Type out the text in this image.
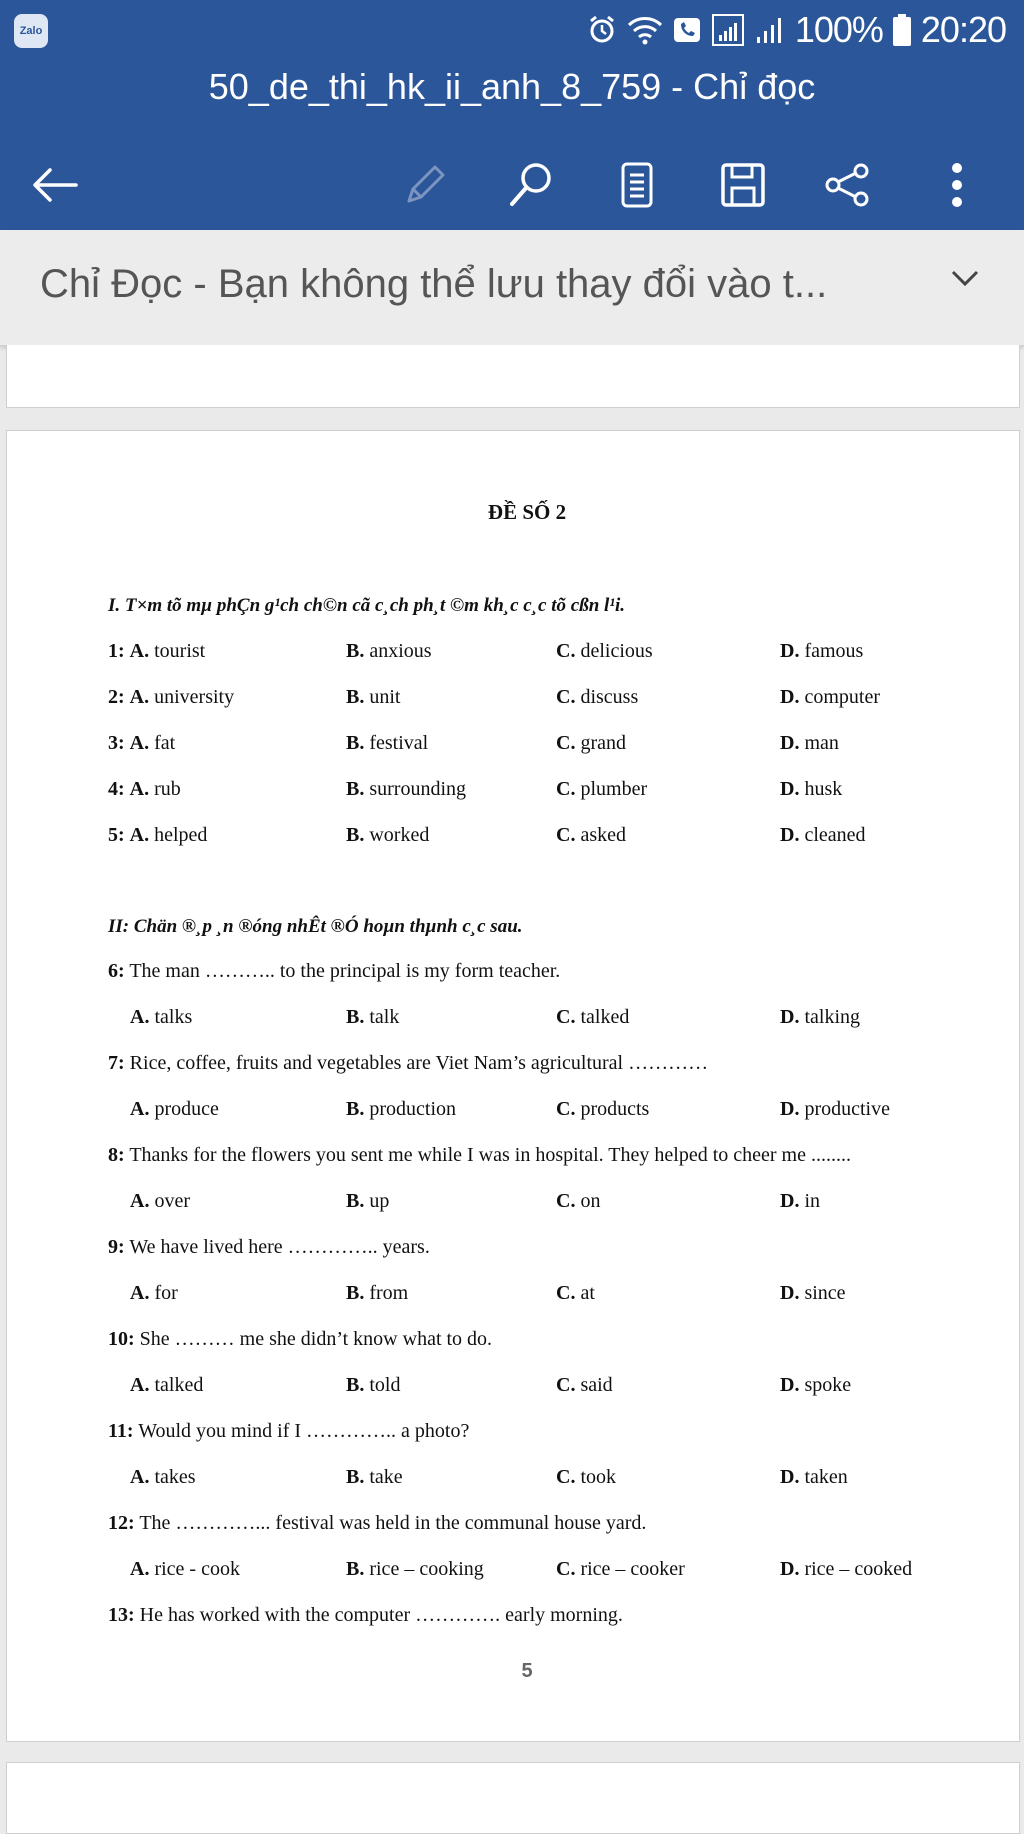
Zalo	100% 20:20
50_de_thi_hk_ii_anh_8_759 - Chỉ đọc
Chỉ Đọc - Bạn không thể lưu thay đổi vào t...
ĐỀ SỐ 2
I. T×m tõ mµ phÇn g¹ch ch©n cã c¸ch ph¸t ©m kh¸c c¸c tõ cßn l¹i.
1: A. tourist	B. anxious	C. delicious	D. famous
2: A. university	B. unit	C. discuss	D. computer
3: A. fat	B. festival	C. grand	D. man
4: A. rub	B. surrounding	C. plumber	D. husk
5: A. helped	B. worked	C. asked	D. cleaned
II: Chän ®¸p ¸n ®óng nhÊt ®Ó hoµn thµnh c¸c sau.
6: The man ……….. to the principal is my form teacher.
A. talks	B. talk	C. talked	D. talking
7: Rice, coffee, fruits and vegetables are Viet Nam’s agricultural …………
A. produce	B. production	C. products	D. productive
8: Thanks for the flowers you sent me while I was in hospital. They helped to cheer me ........
A. over	B. up	C. on	D. in
9: We have lived here ………….. years.
A. for	B. from	C. at	D. since
10: She ……… me she didn’t know what to do.
A. talked	B. told	C. said	D. spoke
11: Would you mind if I ………….. a photo?
A. takes	B. take	C. took	D. taken
12: The …………... festival was held in the communal house yard.
A. rice - cook	B. rice – cooking	C. rice – cooker	D. rice – cooked
13: He has worked with the computer …………. early morning.
5
